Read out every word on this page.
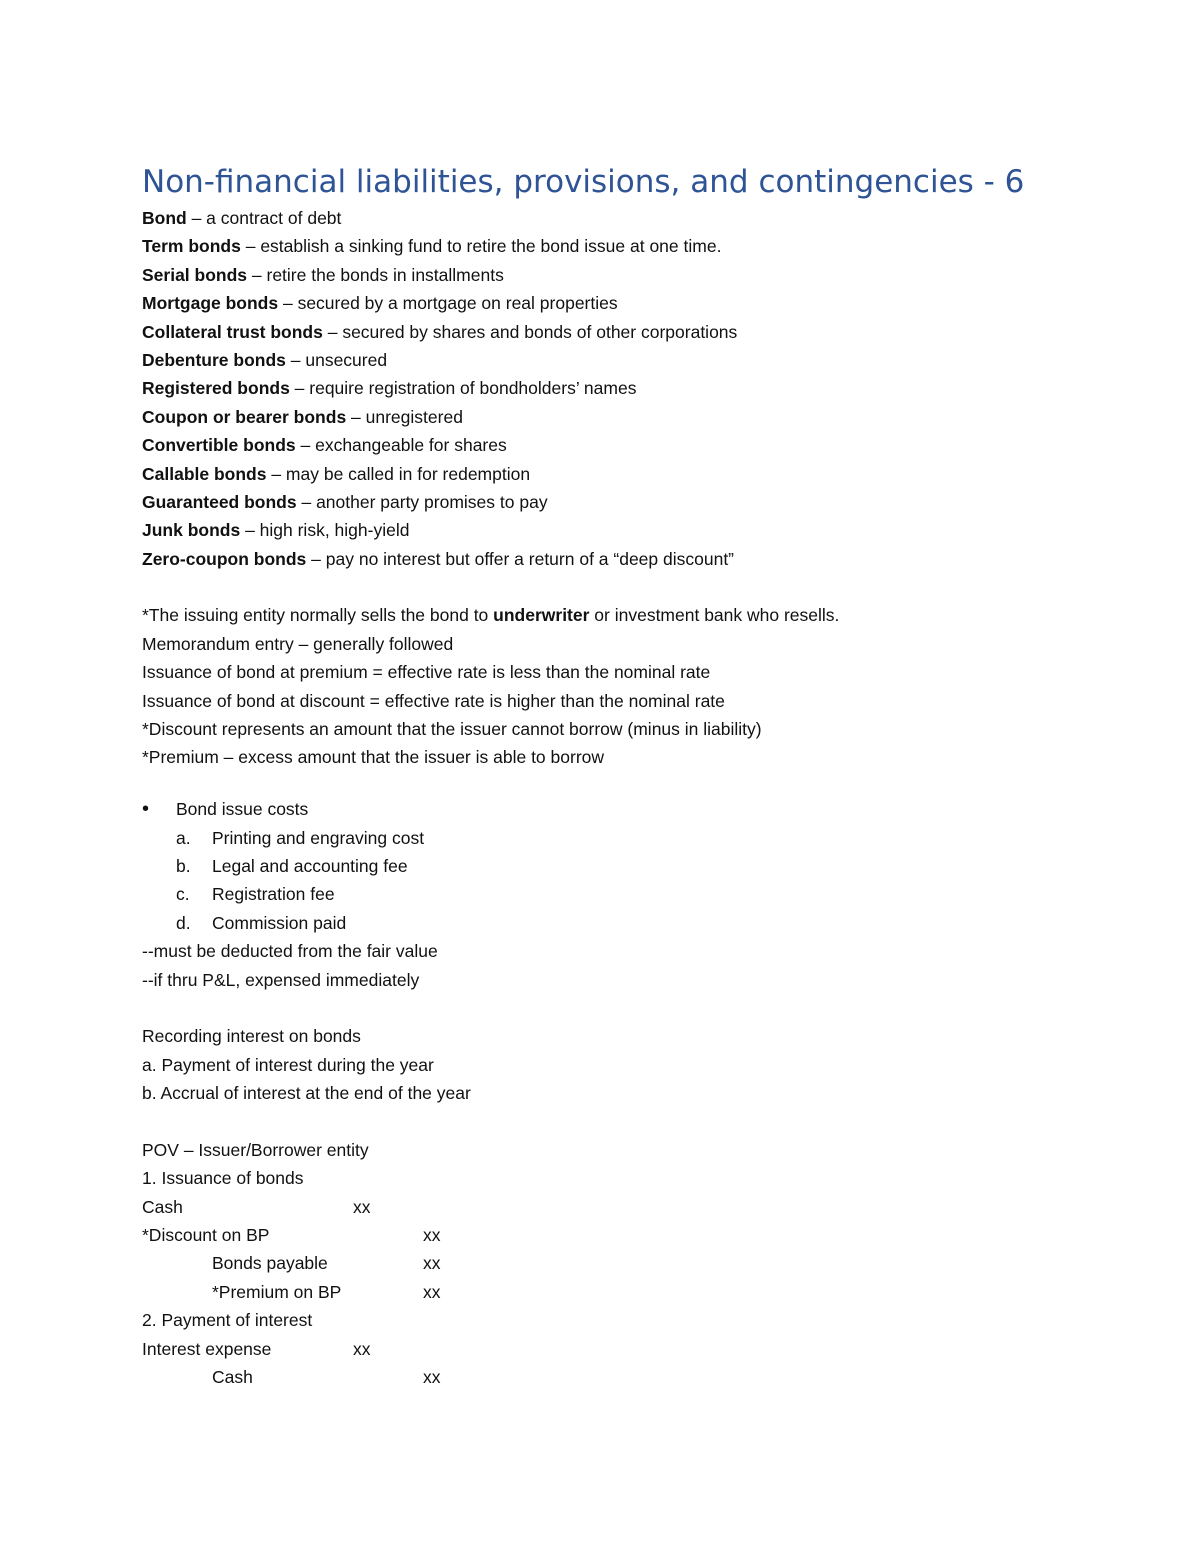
Non-financial liabilities, provisions, and contingencies - 6
Bond – a contract of debt
Term bonds – establish a sinking fund to retire the bond issue at one time.
Serial bonds – retire the bonds in installments
Mortgage bonds – secured by a mortgage on real properties
Collateral trust bonds – secured by shares and bonds of other corporations
Debenture bonds – unsecured
Registered bonds – require registration of bondholders’ names
Coupon or bearer bonds – unregistered
Convertible bonds – exchangeable for shares
Callable bonds – may be called in for redemption
Guaranteed bonds – another party promises to pay
Junk bonds – high risk, high-yield
Zero-coupon bonds – pay no interest but offer a return of a “deep discount”
*The issuing entity normally sells the bond to underwriter or investment bank who resells.
Memorandum entry – generally followed
Issuance of bond at premium = effective rate is less than the nominal rate
Issuance of bond at discount = effective rate is higher than the nominal rate
*Discount represents an amount that the issuer cannot borrow (minus in liability)
*Premium – excess amount that the issuer is able to borrow
•	Bond issue costs
a.	Printing and engraving cost
b.	Legal and accounting fee
c.	Registration fee
d.	Commission paid
--must be deducted from the fair value
--if thru P&L, expensed immediately
Recording interest on bonds
a. Payment of interest during the year
b. Accrual of interest at the end of the year
POV – Issuer/Borrower entity
1. Issuance of bonds
Cash	xx
*Discount on BP	xx
Bonds payable	xx
*Premium on BP	xx
2. Payment of interest
Interest expense	xx
Cash	xx
